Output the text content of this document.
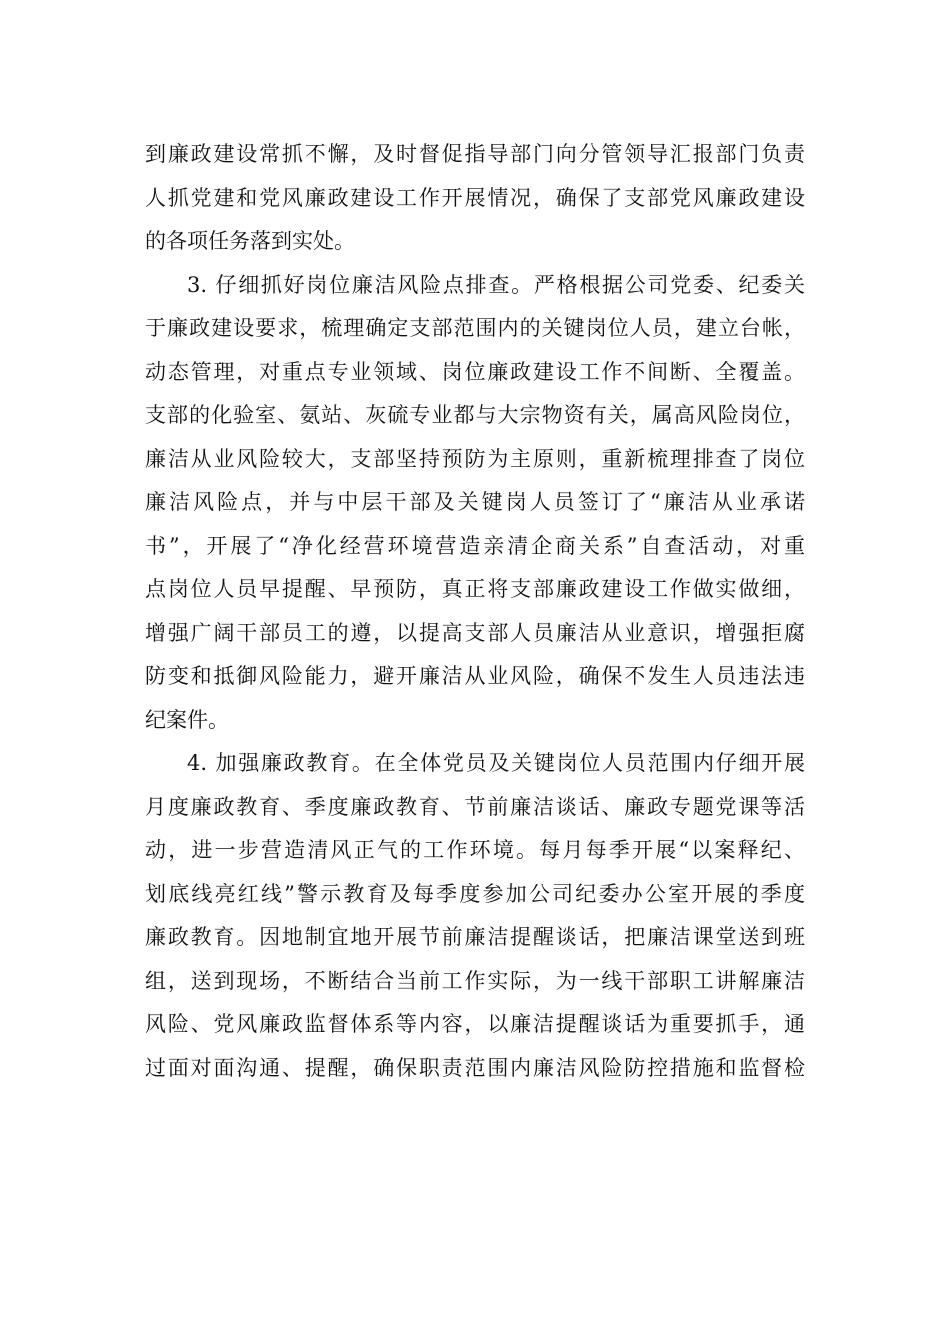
到廉政建设常抓不懈，及时督促指导部门向分管领导汇报部门负责
人抓党建和党风廉政建设工作开展情况，确保了支部党风廉政建设
的各项任务落到实处。
3. 仔细抓好岗位廉洁风险点排查。严格根据公司党委、纪委关
于廉政建设要求，梳理确定支部范围内的关键岗位人员，建立台帐，
动态管理，对重点专业领域、岗位廉政建设工作不间断、全覆盖。
支部的化验室、氨站、灰硫专业都与大宗物资有关，属高风险岗位，
廉洁从业风险较大，支部坚持预防为主原则，重新梳理排查了岗位
廉洁风险点，并与中层干部及关键岗人员签订了“廉洁从业承诺
书”，开展了“净化经营环境营造亲清企商关系”自查活动，对重
点岗位人员早提醒、早预防，真正将支部廉政建设工作做实做细，
增强广阔干部员工的遵，以提高支部人员廉洁从业意识，增强拒腐
防变和抵御风险能力，避开廉洁从业风险，确保不发生人员违法违
纪案件。
4. 加强廉政教育。在全体党员及关键岗位人员范围内仔细开展
月度廉政教育、季度廉政教育、节前廉洁谈话、廉政专题党课等活
动，进一步营造清风正气的工作环境。每月每季开展“以案释纪、
划底线亮红线”警示教育及每季度参加公司纪委办公室开展的季度
廉政教育。因地制宜地开展节前廉洁提醒谈话，把廉洁课堂送到班
组，送到现场，不断结合当前工作实际，为一线干部职工讲解廉洁
风险、党风廉政监督体系等内容，以廉洁提醒谈话为重要抓手，通
过面对面沟通、提醒，确保职责范围内廉洁风险防控措施和监督检
